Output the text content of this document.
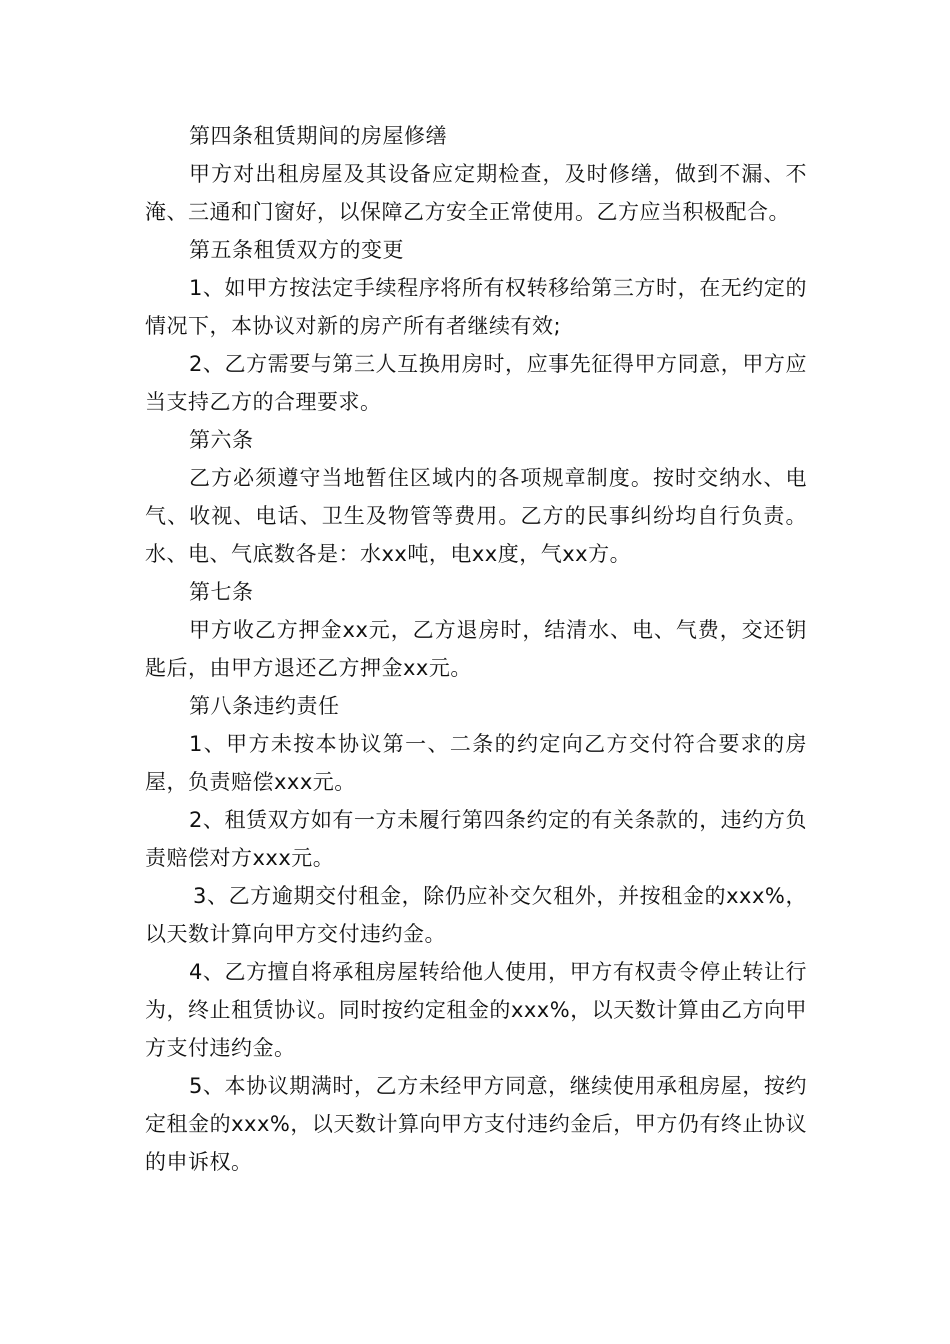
第四条租赁期间的房屋修缮

甲方对出租房屋及其设备应定期检查，及时修缮，做到不漏、不淹、三通和门窗好，以保障乙方安全正常使用。乙方应当积极配合。

第五条租赁双方的变更

1、如甲方按法定手续程序将所有权转移给第三方时，在无约定的情况下，本协议对新的房产所有者继续有效;

2、乙方需要与第三人互换用房时，应事先征得甲方同意，甲方应当支持乙方的合理要求。

第六条

乙方必须遵守当地暂住区域内的各项规章制度。按时交纳水、电气、收视、电话、卫生及物管等费用。乙方的民事纠纷均自行负责。水、电、气底数各是：水xx吨，电xx度，气xx方。

第七条

甲方收乙方押金xx元，乙方退房时，结清水、电、气费，交还钥匙后，由甲方退还乙方押金xx元。

第八条违约责任

1、甲方未按本协议第一、二条的约定向乙方交付符合要求的房屋，负责赔偿xxx元。

2、租赁双方如有一方未履行第四条约定的有关条款的，违约方负责赔偿对方xxx元。

3、乙方逾期交付租金，除仍应补交欠租外，并按租金的xxx%，以天数计算向甲方交付违约金。

4、乙方擅自将承租房屋转给他人使用，甲方有权责令停止转让行为，终止租赁协议。同时按约定租金的xxx%，以天数计算由乙方向甲方支付违约金。

5、本协议期满时，乙方未经甲方同意，继续使用承租房屋，按约定租金的xxx%，以天数计算向甲方支付违约金后，甲方仍有终止协议的申诉权。
